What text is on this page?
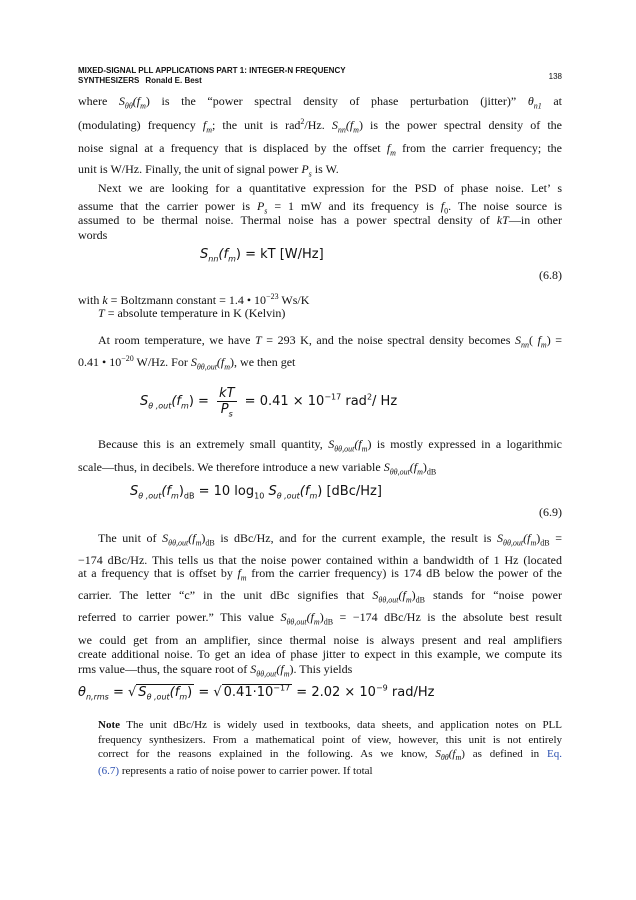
MIXED-SIGNAL PLL APPLICATIONS PART 1: INTEGER-N FREQUENCY
SYNTHESIZERS Ronald E. Best	138
where $S_{\theta\theta}(f_m)$ is the “power spectral density of phase perturbation (jitter)” $\theta_{n1}$ at
(modulating) frequency $f_m$; the unit is rad$^2$/Hz. $S_{nn}(f_m)$ is the power spectral density of the
noise signal at a frequency that is displaced by the offset $f_m$ from the carrier frequency; the
unit is W/Hz. Finally, the unit of signal power $P_s$ is W.
Next we are looking for a quantitative expression for the PSD of phase noise. Let’ s
assume that the carrier power is $P_s = 1$ mW and its frequency is $f_0$. The noise source is
assumed to be thermal noise. Thermal noise has a power spectral density of kT—in other
words
$S_{nn}(f_m)$ = kT [W/Hz]
(6.8)
with k = Boltzmann constant = 1.4 • $10^{-23}$ Ws/K
T = absolute temperature in K (Kelvin)
At room temperature, we have T = 293 K, and the noise spectral density becomes $S_{nn}$( $f_m$) =
0.41 • $10^{-20}$ W/Hz. For $S_{\theta\theta,out}(f_m)$, we then get
$S_{\theta ,out}(f_m) = \frac{kT}{P_s} = 0.41 \times 10^{-17}$ rad$^2$/ Hz
Because this is an extremely small quantity, $S_{\theta\theta,out}(f_m)$ is mostly expressed in a logarithmic
scale—thus, in decibels. We therefore introduce a new variable $S_{\theta\theta,out}(f_m)_{dB}$
$S_{\theta ,out}(f_m)_{dB} = 10$ $\log_{10} S_{\theta ,out}(f_m)$ [dBc/Hz]
(6.9)
The unit of $S_{\theta\theta,out}(f_m)_{dB}$ is dBc/Hz, and for the current example, the result is $S_{\theta\theta,out}(f_m)_{dB}$ =
−174 dBc/Hz. This tells us that the noise power contained within a bandwidth of 1 Hz (located
at a frequency that is offset by $f_m$ from the carrier frequency) is 174 dB below the power of the
carrier. The letter “c” in the unit dBc signifies that $S_{\theta\theta,out}(f_m)_{dB}$ stands for “noise power
referred to carrier power.” This value $S_{\theta\theta,out}(f_m)_{dB} = -174$ dBc/Hz is the absolute best result
we could get from an amplifier, since thermal noise is always present and real amplifiers
create additional noise. To get an idea of phase jitter to expect in this example, we compute its
rms value—thus, the square root of $S_{\theta\theta,out}(f_m)$. This yields
$\theta_{n,rms}$ = √ $S_{\theta ,out}(f_m)$ = √ $0.41\cdot 10^{-17} = 2.02 \times 10^{-9}$ rad/Hz
Note The unit dBc/Hz is widely used in textbooks, data sheets, and application notes on PLL
frequency synthesizers. From a mathematical point of view, however, this unit is not entirely
correct for the reasons explained in the following. As we know, $S_{\theta\theta}(f_m)$ as defined in Eq.
(6.7) represents a ratio of noise power to carrier power. If total
